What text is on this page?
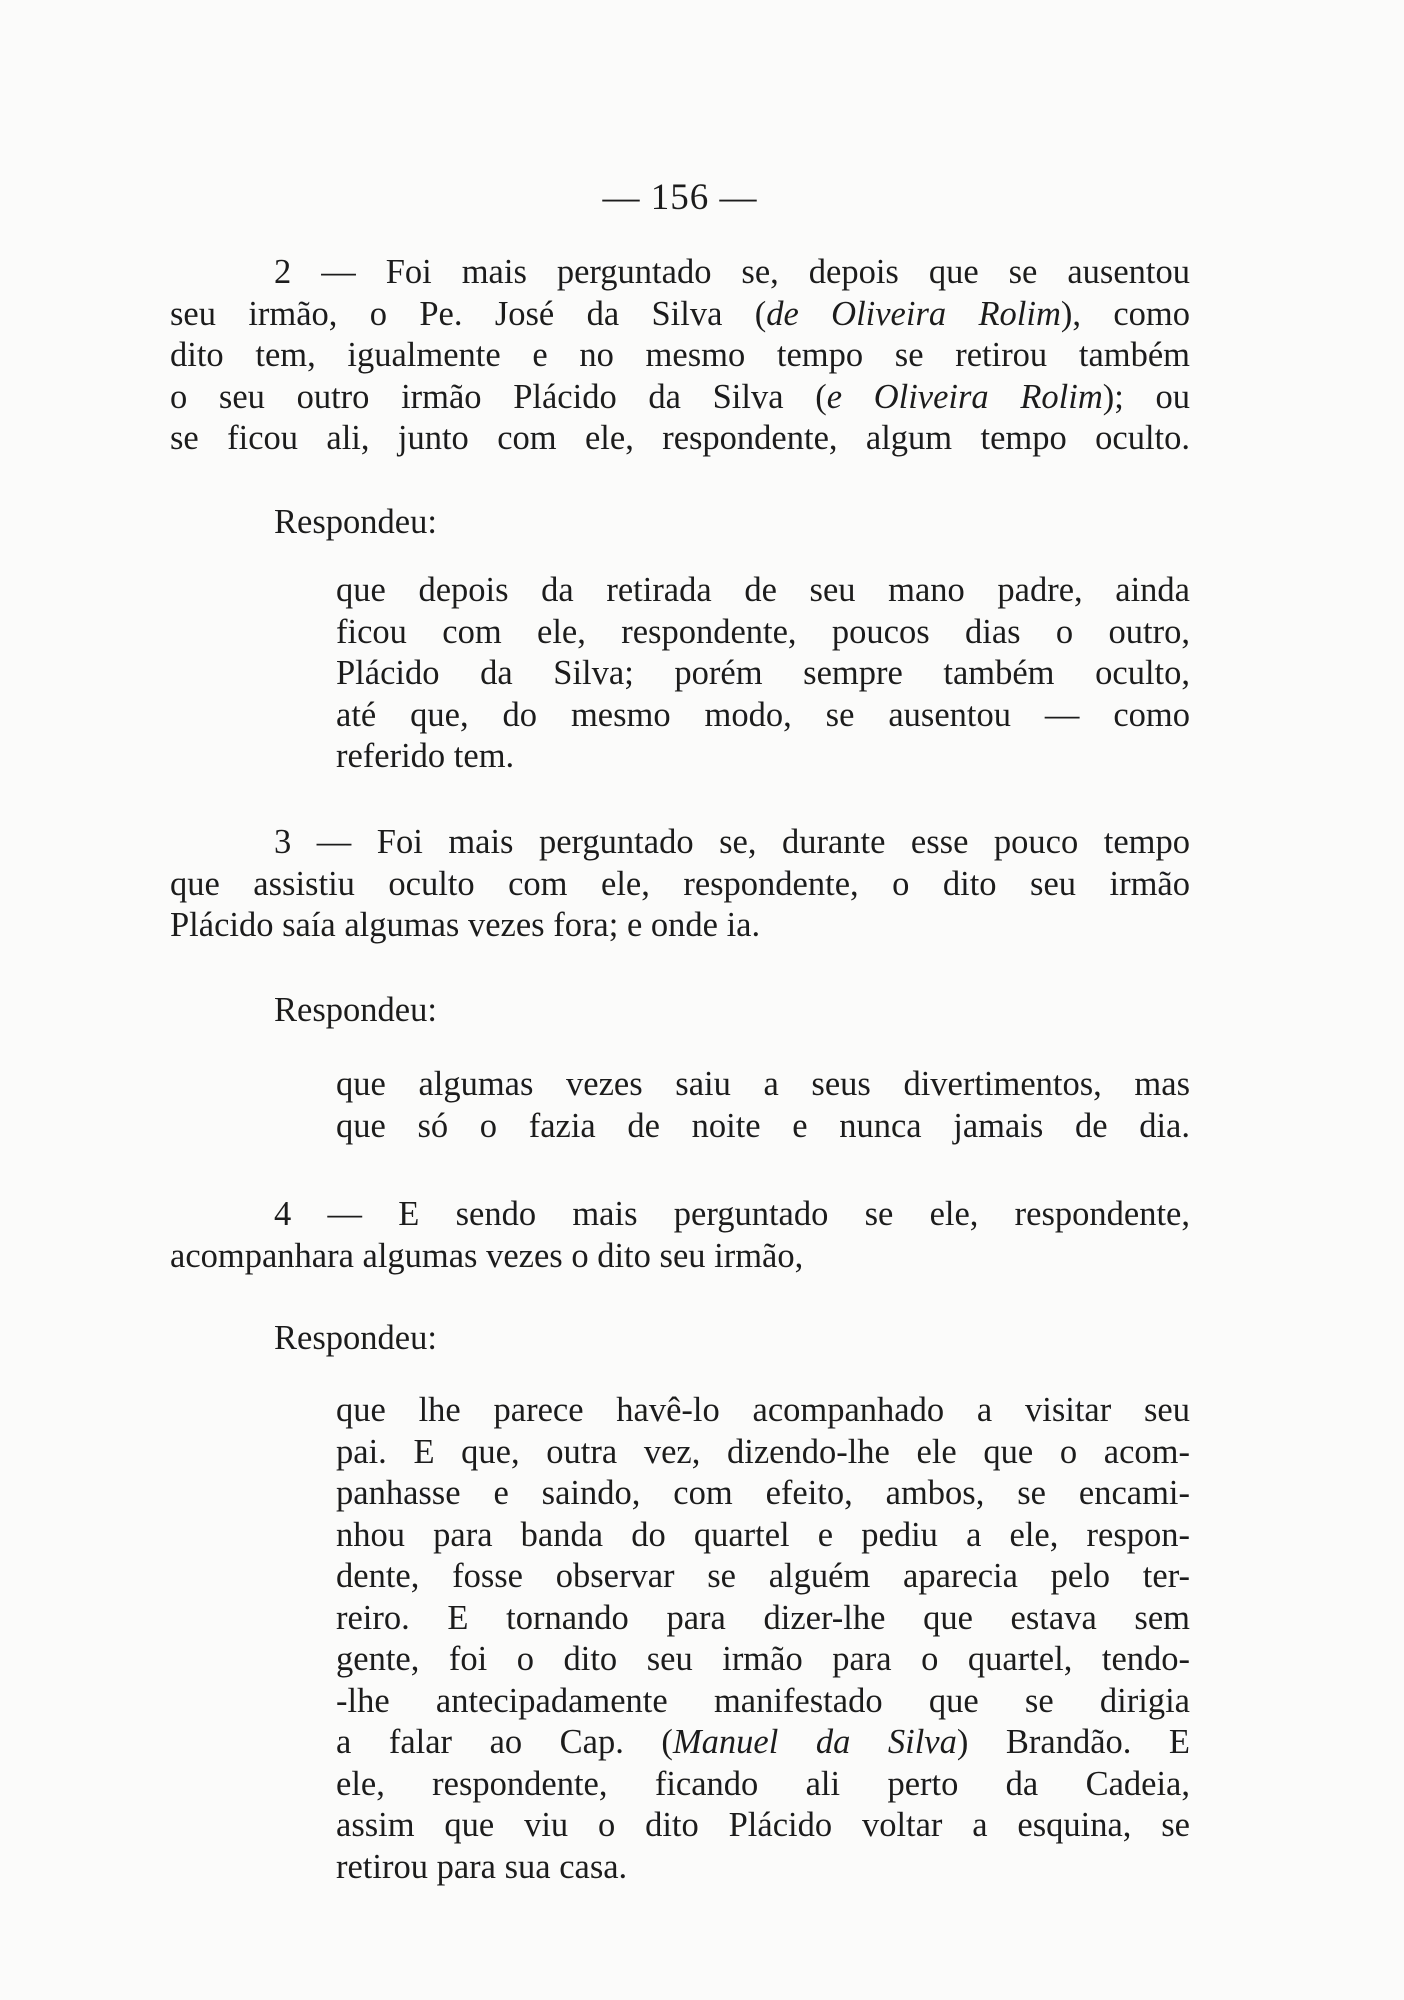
— 156 —
2 — Foi mais perguntado se, depois que se ausentou
seu irmão, o Pe. José da Silva (de Oliveira Rolim), como
dito tem, igualmente e no mesmo tempo se retirou também
o seu outro irmão Plácido da Silva (e Oliveira Rolim); ou
se ficou ali, junto com ele, respondente, algum tempo oculto.
Respondeu:
que depois da retirada de seu mano padre, ainda
ficou com ele, respondente, poucos dias o outro,
Plácido da Silva; porém sempre também oculto,
até que, do mesmo modo, se ausentou — como
referido tem.
3 — Foi mais perguntado se, durante esse pouco tempo
que assistiu oculto com ele, respondente, o dito seu irmão
Plácido saía algumas vezes fora; e onde ia.
Respondeu:
que algumas vezes saiu a seus divertimentos, mas
que só o fazia de noite e nunca jamais de dia.
4 — E sendo mais perguntado se ele, respondente,
acompanhara algumas vezes o dito seu irmão,
Respondeu:
que lhe parece havê-lo acompanhado a visitar seu
pai. E que, outra vez, dizendo-lhe ele que o acom-
panhasse e saindo, com efeito, ambos, se encami-
nhou para banda do quartel e pediu a ele, respon-
dente, fosse observar se alguém aparecia pelo ter-
reiro. E tornando para dizer-lhe que estava sem
gente, foi o dito seu irmão para o quartel, tendo-
-lhe antecipadamente manifestado que se dirigia
a falar ao Cap. (Manuel da Silva) Brandão. E
ele, respondente, ficando ali perto da Cadeia,
assim que viu o dito Plácido voltar a esquina, se
retirou para sua casa.
